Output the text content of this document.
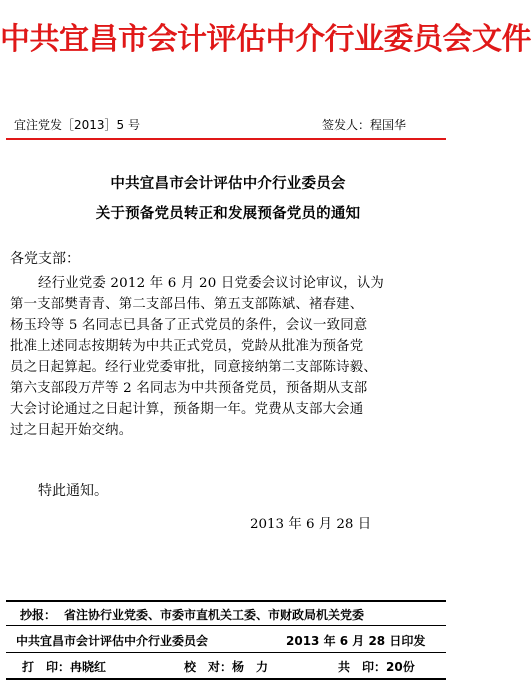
中共宜昌市会计评估中介行业委员会文件
宜注党发［2013］5 号	签发人：程国华
中共宜昌市会计评估中介行业委员会
关于预备党员转正和发展预备党员的通知
各党支部：
经行业党委 2012 年 6 月 20 日党委会议讨论审议，认为
第一支部樊青青、第二支部吕伟、第五支部陈斌、褚春建、
杨玉玲等 5 名同志已具备了正式党员的条件，会议一致同意
批准上述同志按期转为中共正式党员，党龄从批准为预备党
员之日起算起。经行业党委审批，同意接纳第二支部陈诗毅、
第六支部段万芹等 2 名同志为中共预备党员，预备期从支部
大会讨论通过之日起计算，预备期一年。党费从支部大会通
过之日起开始交纳。
特此通知。
2013 年 6 月 28 日
抄报： 省注协行业党委、市委市直机关工委、市财政局机关党委
中共宜昌市会计评估中介行业委员会	2013 年 6 月 28 日印发
打　印：冉晓红	校　对：杨　力	共　印：20份
